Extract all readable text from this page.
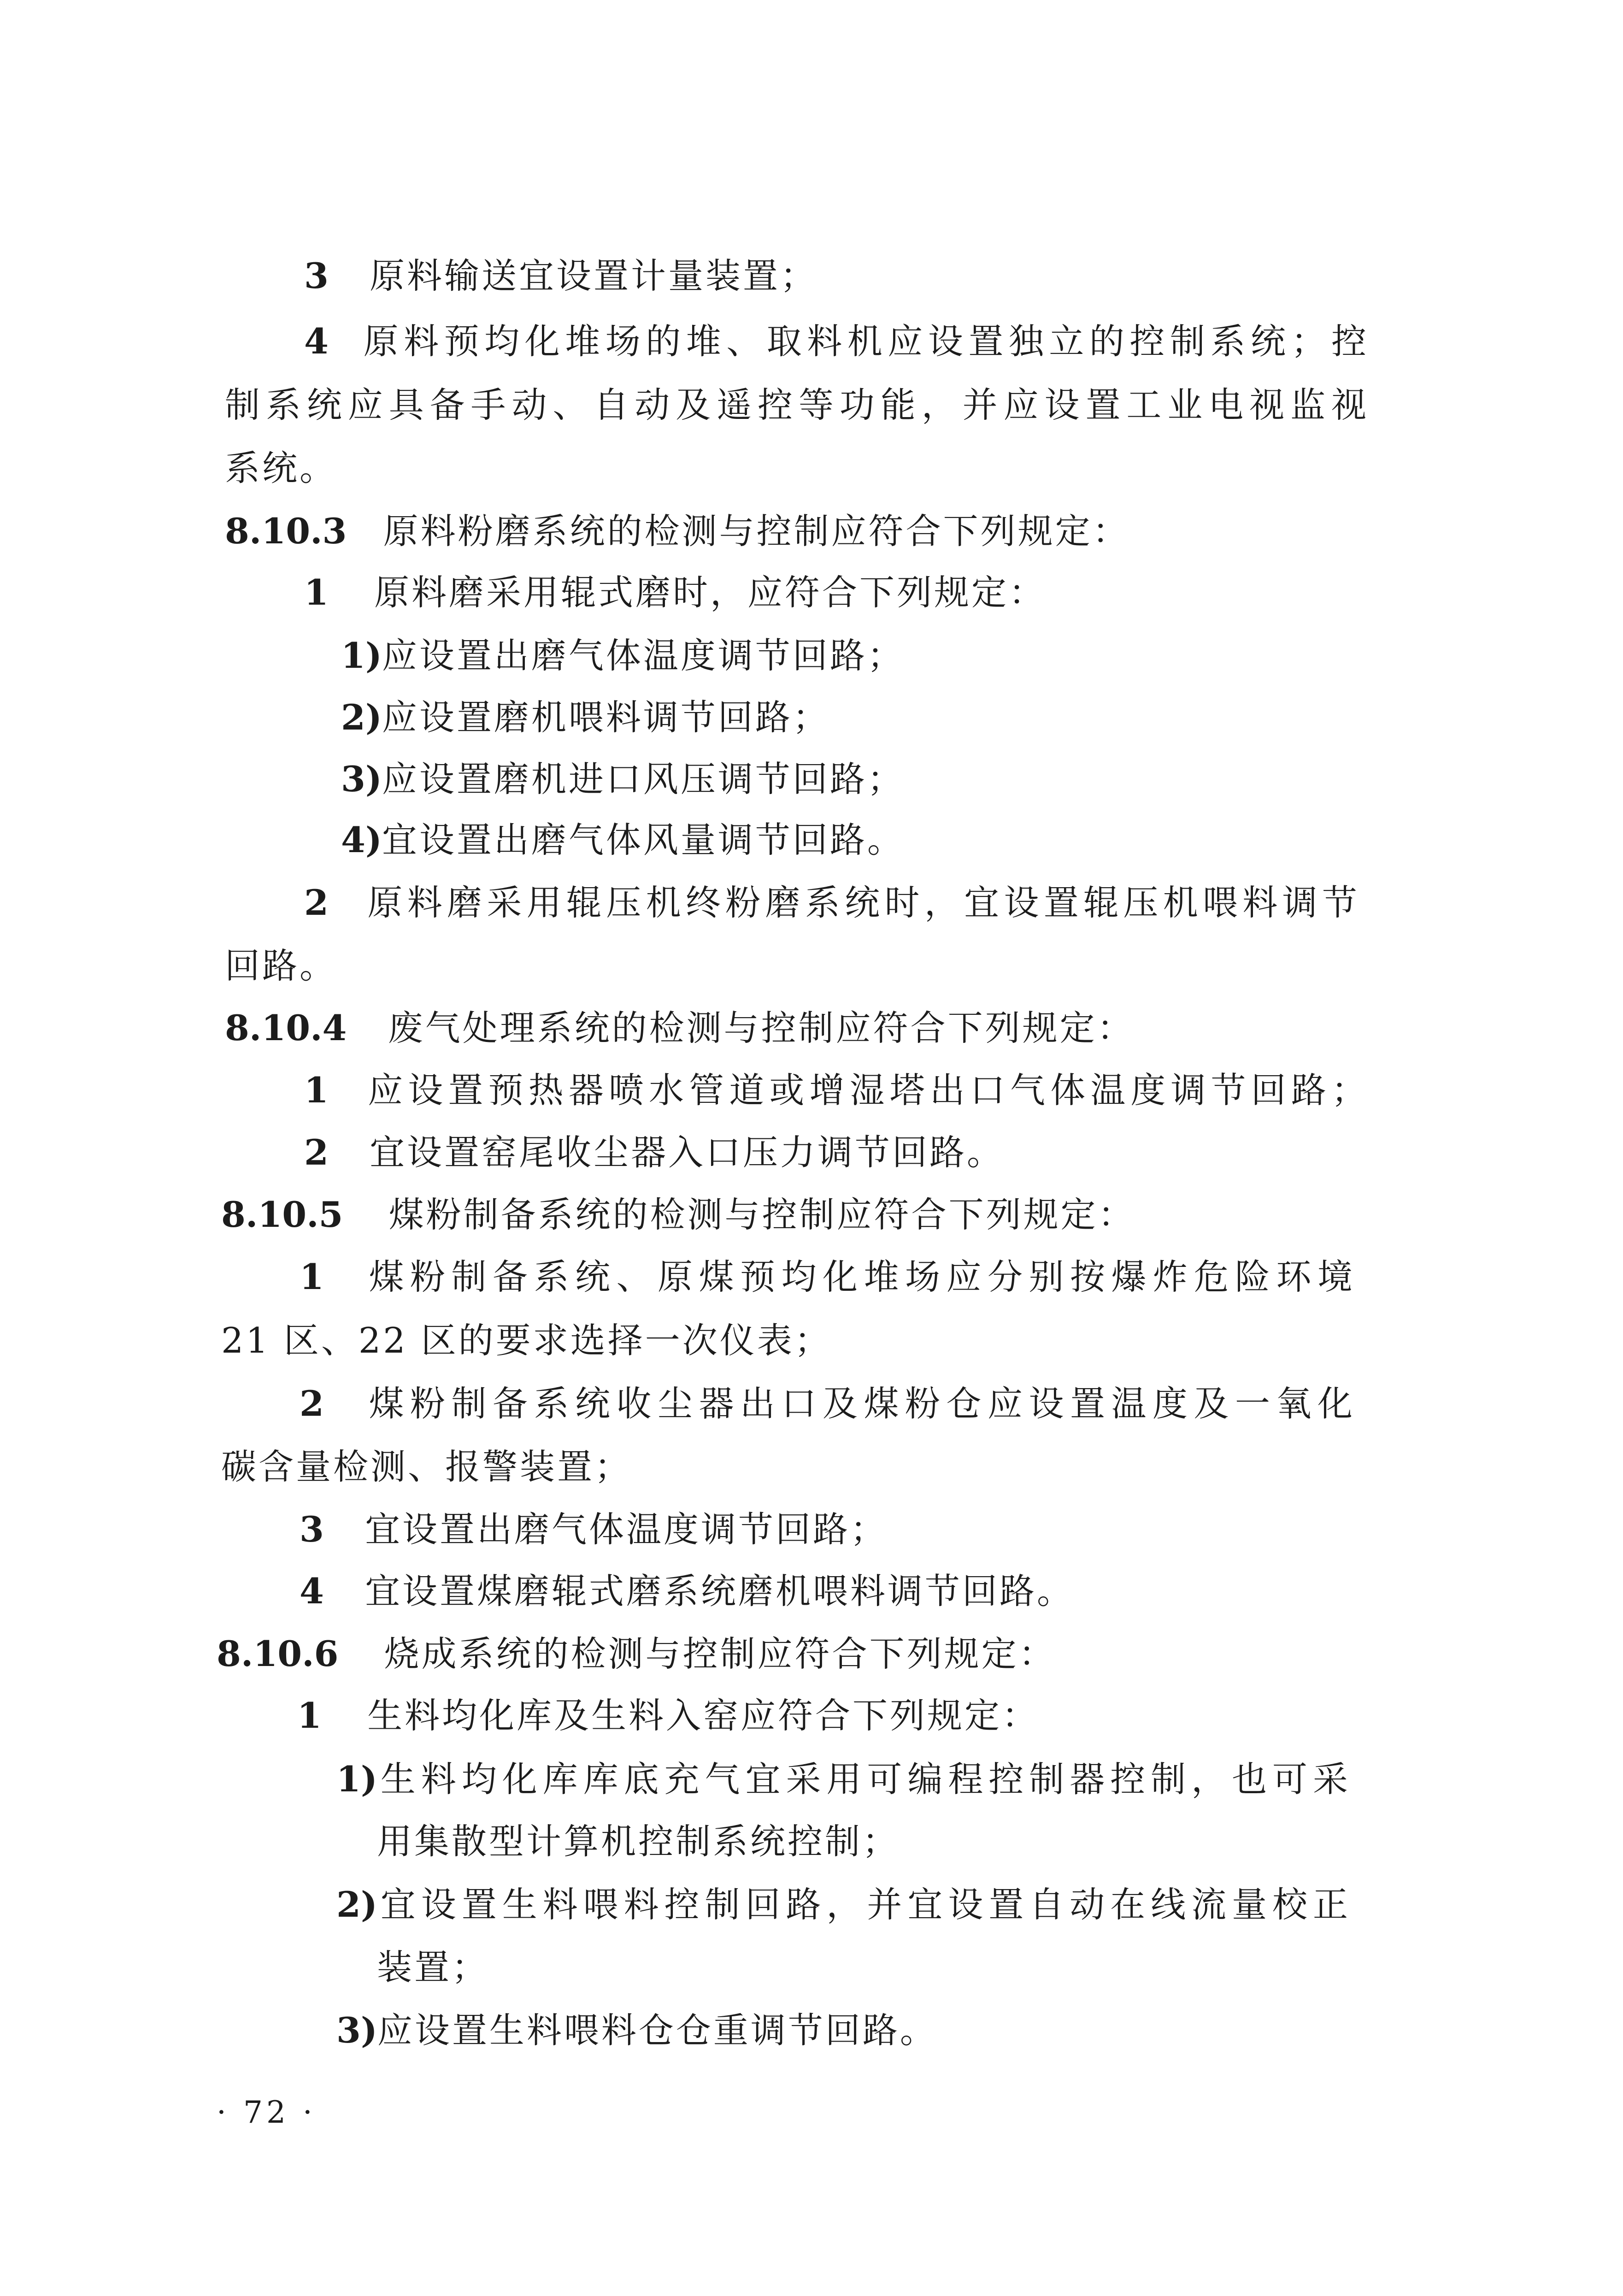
3 原料输送宜设置计量装置；
4 原料预均化堆场的堆、取料机应设置独立的控制系统；控
制系统应具备手动、自动及遥控等功能，并应设置工业电视监视
系统。
8.10.3 原料粉磨系统的检测与控制应符合下列规定：
1 原料磨采用辊式磨时，应符合下列规定：
1)应设置出磨气体温度调节回路；
2)应设置磨机喂料调节回路；
3)应设置磨机进口风压调节回路；
4)宜设置出磨气体风量调节回路。
2 原料磨采用辊压机终粉磨系统时，宜设置辊压机喂料调节
回路。
8.10.4 废气处理系统的检测与控制应符合下列规定：
1 应设置预热器喷水管道或增湿塔出口气体温度调节回路；
2 宜设置窑尾收尘器入口压力调节回路。
8.10.5 煤粉制备系统的检测与控制应符合下列规定：
1 煤粉制备系统、原煤预均化堆场应分别按爆炸危险环境
21 区、22 区的要求选择一次仪表；
2 煤粉制备系统收尘器出口及煤粉仓应设置温度及一氧化
碳含量检测、报警装置；
3 宜设置出磨气体温度调节回路；
4 宜设置煤磨辊式磨系统磨机喂料调节回路。
8.10.6 烧成系统的检测与控制应符合下列规定：
1 生料均化库及生料入窑应符合下列规定：
1)生料均化库库底充气宜采用可编程控制器控制，也可采
用集散型计算机控制系统控制；
2)宜设置生料喂料控制回路，并宜设置自动在线流量校正
装置；
3)应设置生料喂料仓仓重调节回路。
· 72 ·
